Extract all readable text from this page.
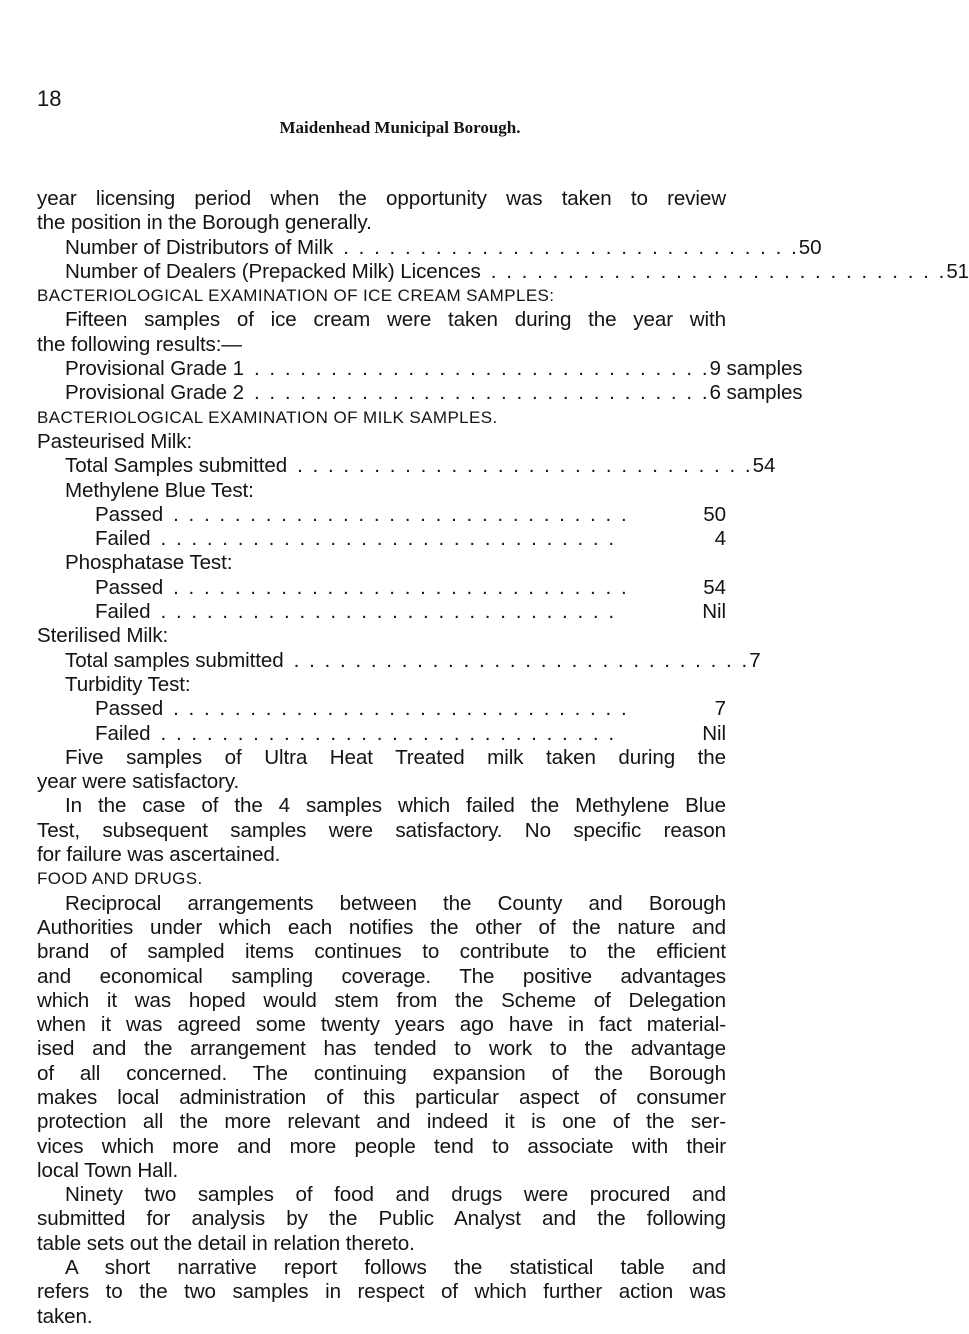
18
Maidenhead Municipal Borough.
year licensing period when the opportunity was taken to review
the position in the Borough generally.
Number of Distributors of Milk . . . . . . . . . . . . . . . . . . . . . . . . . . . . . . 50
Number of Dealers (Prepacked Milk) Licences . . . . . . . . . . . . . . . . . . . . . . . . . . . . . . 51
BACTERIOLOGICAL EXAMINATION OF ICE CREAM SAMPLES:
Fifteen samples of ice cream were taken during the year with
the following results:—
Provisional Grade 1 . . . . . . . . . . . . . . . . . . . . . . . . . . . . . . 9 samples
Provisional Grade 2 . . . . . . . . . . . . . . . . . . . . . . . . . . . . . . 6 samples
BACTERIOLOGICAL EXAMINATION OF MILK SAMPLES.
Pasteurised Milk:
Total Samples submitted . . . . . . . . . . . . . . . . . . . . . . . . . . . . . . 54
Methylene Blue Test:
Passed . . . . . . . . . . . . . . . . . . . . . . . . . . . . . .	50
Failed . . . . . . . . . . . . . . . . . . . . . . . . . . . . . .	4
Phosphatase Test:
Passed . . . . . . . . . . . . . . . . . . . . . . . . . . . . . .	54
Failed . . . . . . . . . . . . . . . . . . . . . . . . . . . . . .	Nil
Sterilised Milk:
Total samples submitted . . . . . . . . . . . . . . . . . . . . . . . . . . . . . . 7
Turbidity Test:
Passed . . . . . . . . . . . . . . . . . . . . . . . . . . . . . .	7
Failed . . . . . . . . . . . . . . . . . . . . . . . . . . . . . .	Nil
Five samples of Ultra Heat Treated milk taken during the
year were satisfactory.
In the case of the 4 samples which failed the Methylene Blue
Test, subsequent samples were satisfactory. No specific reason
for failure was ascertained.
FOOD AND DRUGS.
Reciprocal arrangements between the County and Borough
Authorities under which each notifies the other of the nature and
brand of sampled items continues to contribute to the efficient
and economical sampling coverage. The positive advantages
which it was hoped would stem from the Scheme of Delegation
when it was agreed some twenty years ago have in fact material-
ised and the arrangement has tended to work to the advantage
of all concerned. The continuing expansion of the Borough
makes local administration of this particular aspect of consumer
protection all the more relevant and indeed it is one of the ser-
vices which more and more people tend to associate with their
local Town Hall.
Ninety two samples of food and drugs were procured and
submitted for analysis by the Public Analyst and the following
table sets out the detail in relation thereto.
A short narrative report follows the statistical table and
refers to the two samples in respect of which further action was
taken.
